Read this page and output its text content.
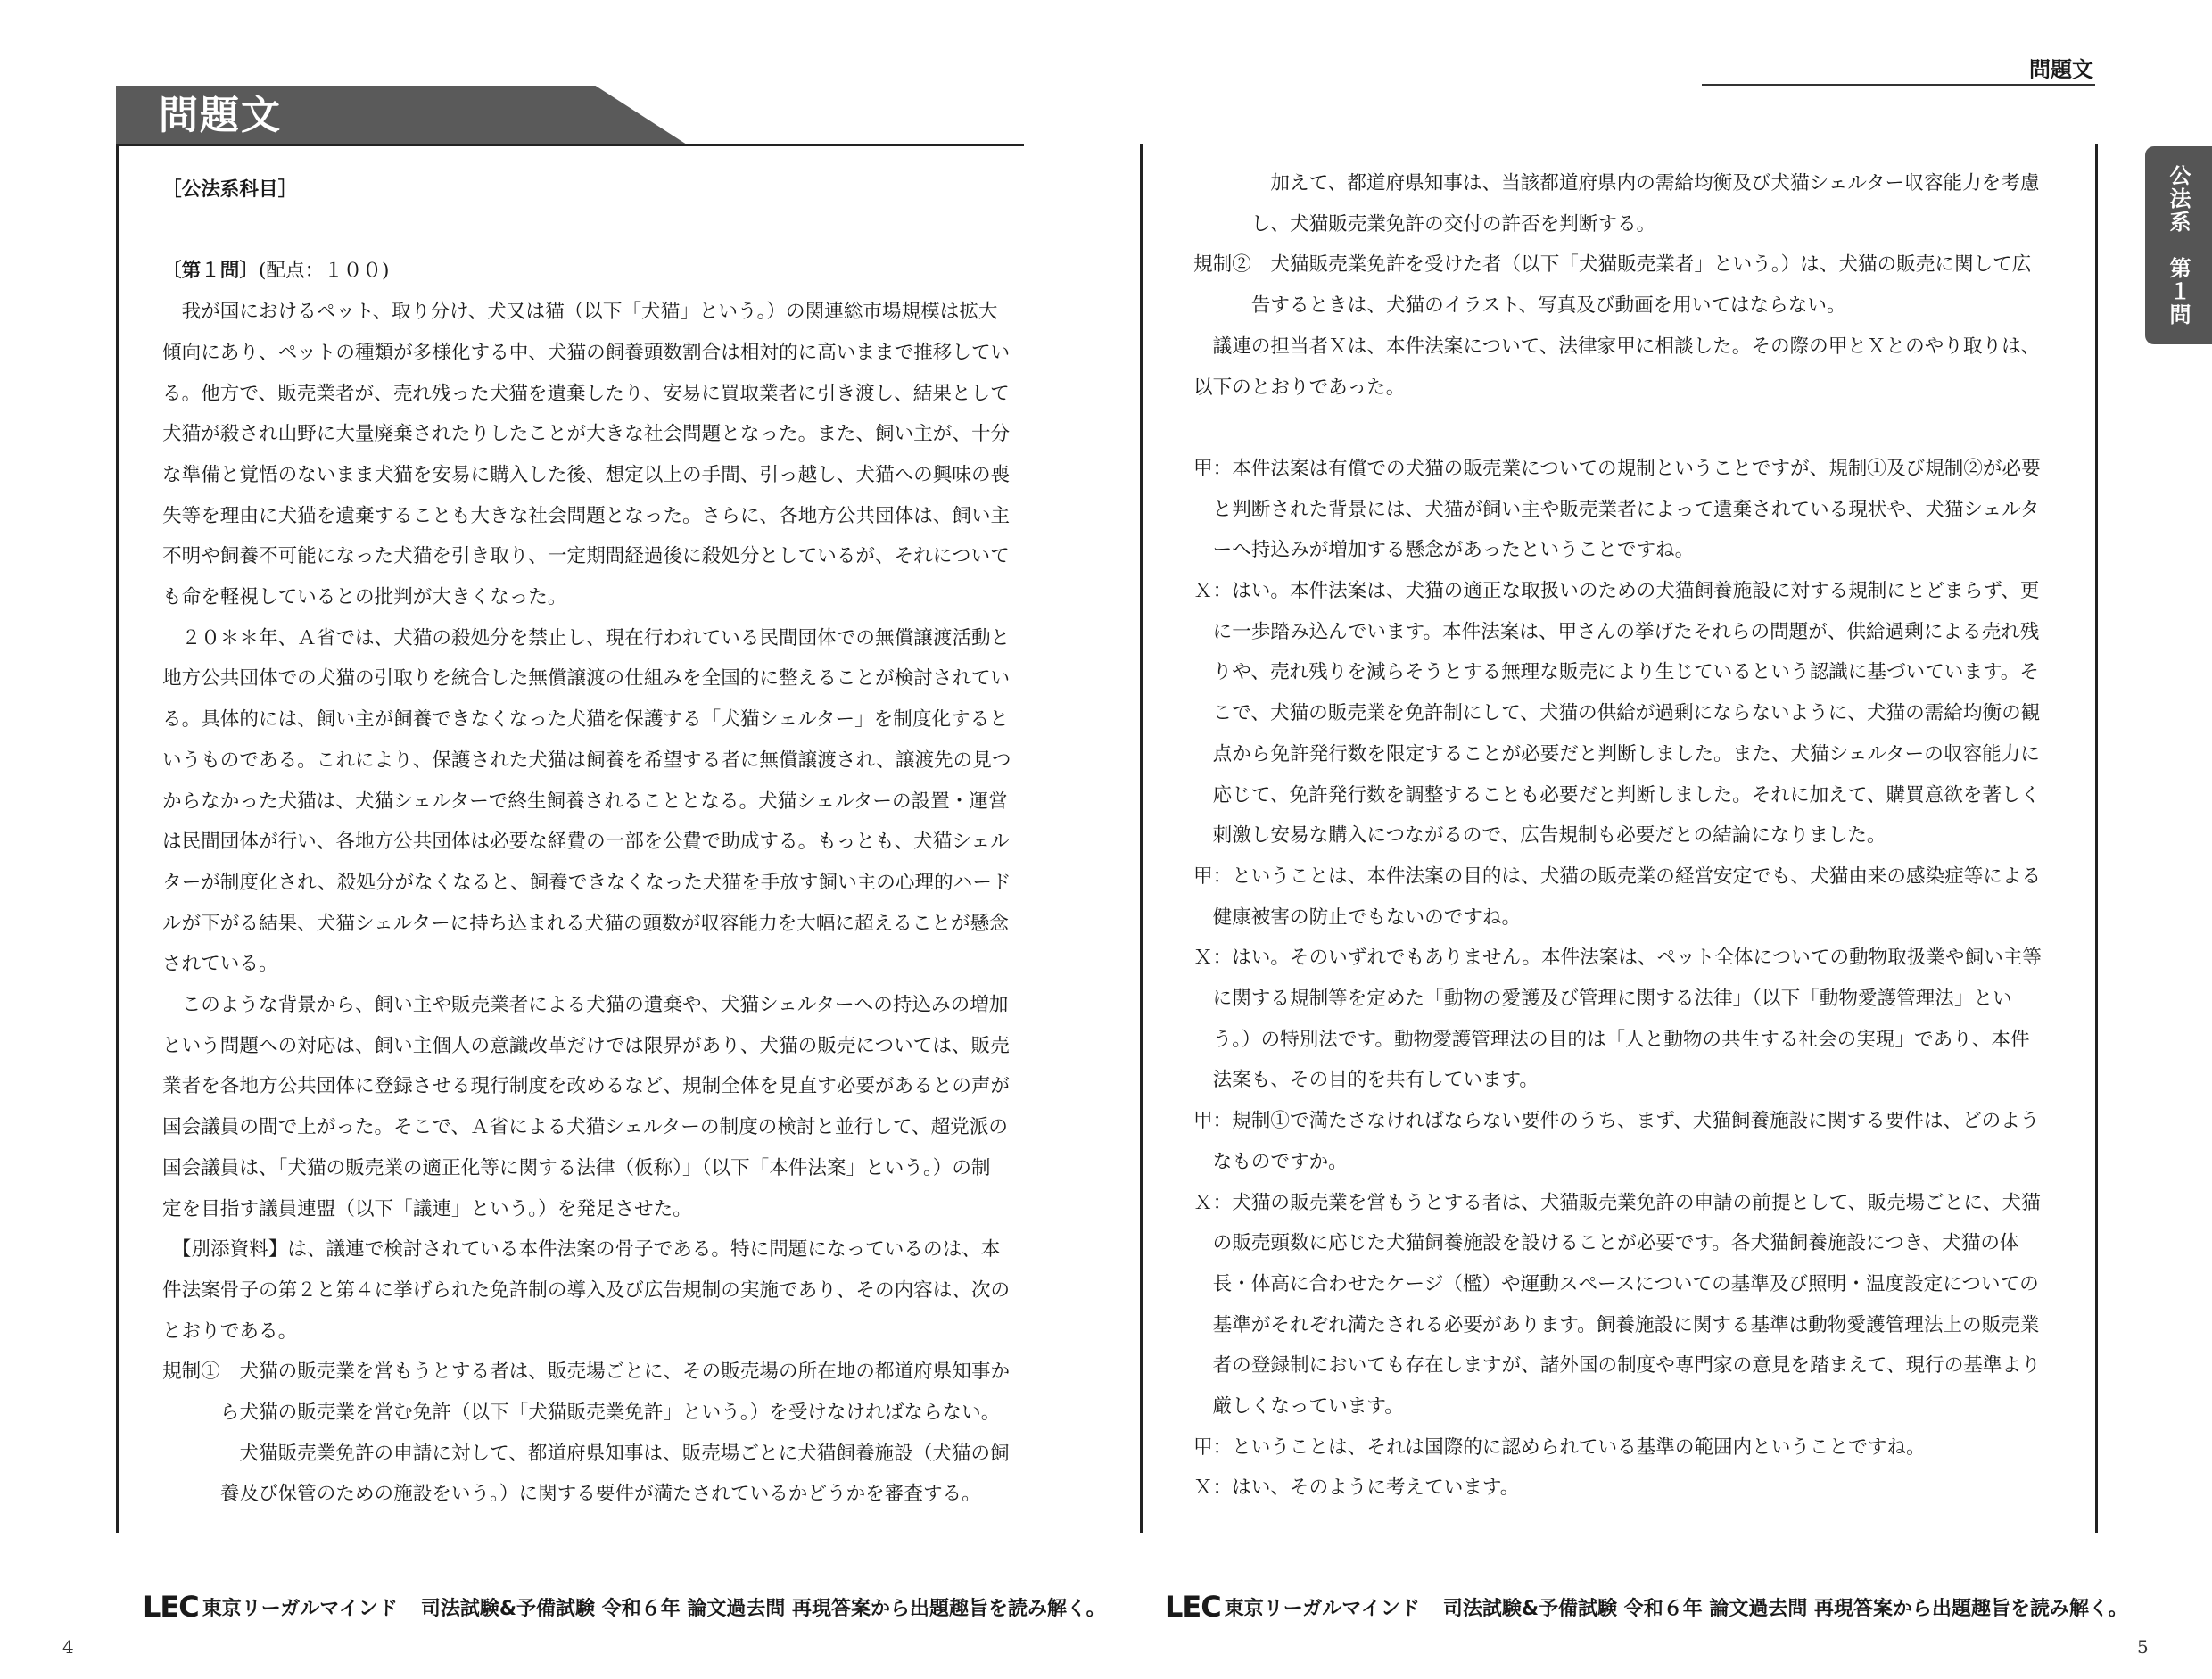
問題文

［公法系科目］

〔第１問〕(配点：１００)

　我が国におけるペット、取り分け、犬又は猫（以下「犬猫」という。）の関連総市場規模は拡大

傾向にあり、ペットの種類が多様化する中、犬猫の飼養頭数割合は相対的に高いままで推移してい

る。他方で、販売業者が、売れ残った犬猫を遺棄したり、安易に買取業者に引き渡し、結果として

犬猫が殺され山野に大量廃棄されたりしたことが大きな社会問題となった。また、飼い主が、十分

な準備と覚悟のないまま犬猫を安易に購入した後、想定以上の手間、引っ越し、犬猫への興味の喪

失等を理由に犬猫を遺棄することも大きな社会問題となった。さらに、各地方公共団体は、飼い主

不明や飼養不可能になった犬猫を引き取り、一定期間経過後に殺処分としているが、それについて

も命を軽視しているとの批判が大きくなった。

　２０＊＊年、Ａ省では、犬猫の殺処分を禁止し、現在行われている民間団体での無償譲渡活動と

地方公共団体での犬猫の引取りを統合した無償譲渡の仕組みを全国的に整えることが検討されてい

る。具体的には、飼い主が飼養できなくなった犬猫を保護する「犬猫シェルター」を制度化すると

いうものである。これにより、保護された犬猫は飼養を希望する者に無償譲渡され、譲渡先の見つ

からなかった犬猫は、犬猫シェルターで終生飼養されることとなる。犬猫シェルターの設置・運営

は民間団体が行い、各地方公共団体は必要な経費の一部を公費で助成する。もっとも、犬猫シェル

ターが制度化され、殺処分がなくなると、飼養できなくなった犬猫を手放す飼い主の心理的ハード

ルが下がる結果、犬猫シェルターに持ち込まれる犬猫の頭数が収容能力を大幅に超えることが懸念

されている。

　このような背景から、飼い主や販売業者による犬猫の遺棄や、犬猫シェルターへの持込みの増加

という問題への対応は、飼い主個人の意識改革だけでは限界があり、犬猫の販売については、販売

業者を各地方公共団体に登録させる現行制度を改めるなど、規制全体を見直す必要があるとの声が

国会議員の間で上がった。そこで、Ａ省による犬猫シェルターの制度の検討と並行して、超党派の

国会議員は、「犬猫の販売業の適正化等に関する法律（仮称）」（以下「本件法案」という。）の制

定を目指す議員連盟（以下「議連」という。）を発足させた。

　【別添資料】は、議連で検討されている本件法案の骨子である。特に問題になっているのは、本

件法案骨子の第２と第４に挙げられた免許制の導入及び広告規制の実施であり、その内容は、次の

とおりである。

規制①　犬猫の販売業を営もうとする者は、販売場ごとに、その販売場の所在地の都道府県知事か

　　　ら犬猫の販売業を営む免許（以下「犬猫販売業免許」という。）を受けなければならない。

　　　　犬猫販売業免許の申請に対して、都道府県知事は、販売場ごとに犬猫飼養施設（犬猫の飼

　　　養及び保管のための施設をいう。）に関する要件が満たされているかどうかを審査する。

LEC 東京リーガルマインド 司法試験&予備試験 令和６年 論文過去問 再現答案から出題趣旨を読み解く。
4
問題文
公法系　第１問

　　　　加えて、都道府県知事は、当該都道府県内の需給均衡及び犬猫シェルター収容能力を考慮

　　　し、犬猫販売業免許の交付の許否を判断する。

規制②　犬猫販売業免許を受けた者（以下「犬猫販売業者」という。）は、犬猫の販売に関して広

　　　告するときは、犬猫のイラスト、写真及び動画を用いてはならない。

　議連の担当者Ｘは、本件法案について、法律家甲に相談した。その際の甲とＸとのやり取りは、

以下のとおりであった。

甲：本件法案は有償での犬猫の販売業についての規制ということですが、規制①及び規制②が必要

　と判断された背景には、犬猫が飼い主や販売業者によって遺棄されている現状や、犬猫シェルタ

　ーへ持込みが増加する懸念があったということですね。

Ｘ：はい。本件法案は、犬猫の適正な取扱いのための犬猫飼養施設に対する規制にとどまらず、更

　に一歩踏み込んでいます。本件法案は、甲さんの挙げたそれらの問題が、供給過剰による売れ残

　りや、売れ残りを減らそうとする無理な販売により生じているという認識に基づいています。そ

　こで、犬猫の販売業を免許制にして、犬猫の供給が過剰にならないように、犬猫の需給均衡の観

　点から免許発行数を限定することが必要だと判断しました。また、犬猫シェルターの収容能力に

　応じて、免許発行数を調整することも必要だと判断しました。それに加えて、購買意欲を著しく

　刺激し安易な購入につながるので、広告規制も必要だとの結論になりました。

甲：ということは、本件法案の目的は、犬猫の販売業の経営安定でも、犬猫由来の感染症等による

　健康被害の防止でもないのですね。

Ｘ：はい。そのいずれでもありません。本件法案は、ペット全体についての動物取扱業や飼い主等

　に関する規制等を定めた「動物の愛護及び管理に関する法律」（以下「動物愛護管理法」とい

　う。）の特別法です。動物愛護管理法の目的は「人と動物の共生する社会の実現」であり、本件

　法案も、その目的を共有しています。

甲：規制①で満たさなければならない要件のうち、まず、犬猫飼養施設に関する要件は、どのよう

　なものですか。

Ｘ：犬猫の販売業を営もうとする者は、犬猫販売業免許の申請の前提として、販売場ごとに、犬猫

　の販売頭数に応じた犬猫飼養施設を設けることが必要です。各犬猫飼養施設につき、犬猫の体

　長・体高に合わせたケージ（檻）や運動スペースについての基準及び照明・温度設定についての

　基準がそれぞれ満たされる必要があります。飼養施設に関する基準は動物愛護管理法上の販売業

　者の登録制においても存在しますが、諸外国の制度や専門家の意見を踏まえて、現行の基準より

　厳しくなっています。

甲：ということは、それは国際的に認められている基準の範囲内ということですね。

Ｘ：はい、そのように考えています。

LEC 東京リーガルマインド 司法試験&予備試験 令和６年 論文過去問 再現答案から出題趣旨を読み解く。
5
